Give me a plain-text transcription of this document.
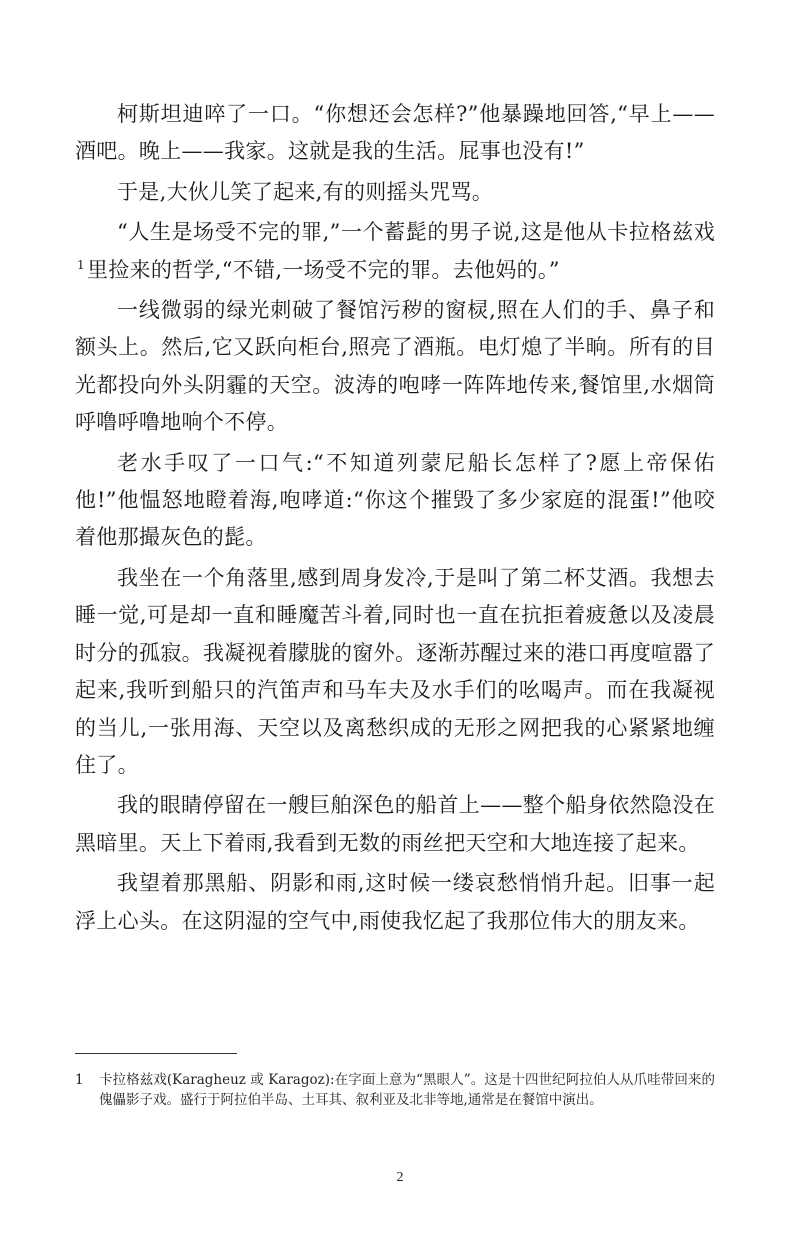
柯斯坦迪啐了一口。“你想还会怎样?”他暴躁地回答,“早上——酒吧。晚上——我家。这就是我的生活。屁事也没有!”

于是,大伙儿笑了起来,有的则摇头咒骂。

“人生是场受不完的罪,”一个蓄髭的男子说,这是他从卡拉格兹戏$^1$里捡来的哲学,“不错,一场受不完的罪。去他妈的。”

一线微弱的绿光刺破了餐馆污秽的窗棂,照在人们的手、鼻子和额头上。然后,它又跃向柜台,照亮了酒瓶。电灯熄了半晌。所有的目光都投向外头阴霾的天空。波涛的咆哮一阵阵地传来,餐馆里,水烟筒呼噜呼噜地响个不停。

老水手叹了一口气:“不知道列蒙尼船长怎样了?愿上帝保佑他!”他愠怒地瞪着海,咆哮道:“你这个摧毁了多少家庭的混蛋!”他咬着他那撮灰色的髭。

我坐在一个角落里,感到周身发冷,于是叫了第二杯艾酒。我想去睡一觉,可是却一直和睡魔苦斗着,同时也一直在抗拒着疲惫以及凌晨时分的孤寂。我凝视着朦胧的窗外。逐渐苏醒过来的港口再度喧嚣了起来,我听到船只的汽笛声和马车夫及水手们的吆喝声。而在我凝视的当儿,一张用海、天空以及离愁织成的无形之网把我的心紧紧地缠住了。

我的眼睛停留在一艘巨舶深色的船首上——整个船身依然隐没在黑暗里。天上下着雨,我看到无数的雨丝把天空和大地连接了起来。

我望着那黑船、阴影和雨,这时候一缕哀愁悄悄升起。旧事一起浮上心头。在这阴湿的空气中,雨使我忆起了我那位伟大的朋友来。

1 卡拉格兹戏(Karagheuz 或 Karagoz):在字面上意为“黑眼人”。这是十四世纪阿拉伯人从爪哇带回来的傀儡影子戏。盛行于阿拉伯半岛、土耳其、叙利亚及北非等地,通常是在餐馆中演出。
2
